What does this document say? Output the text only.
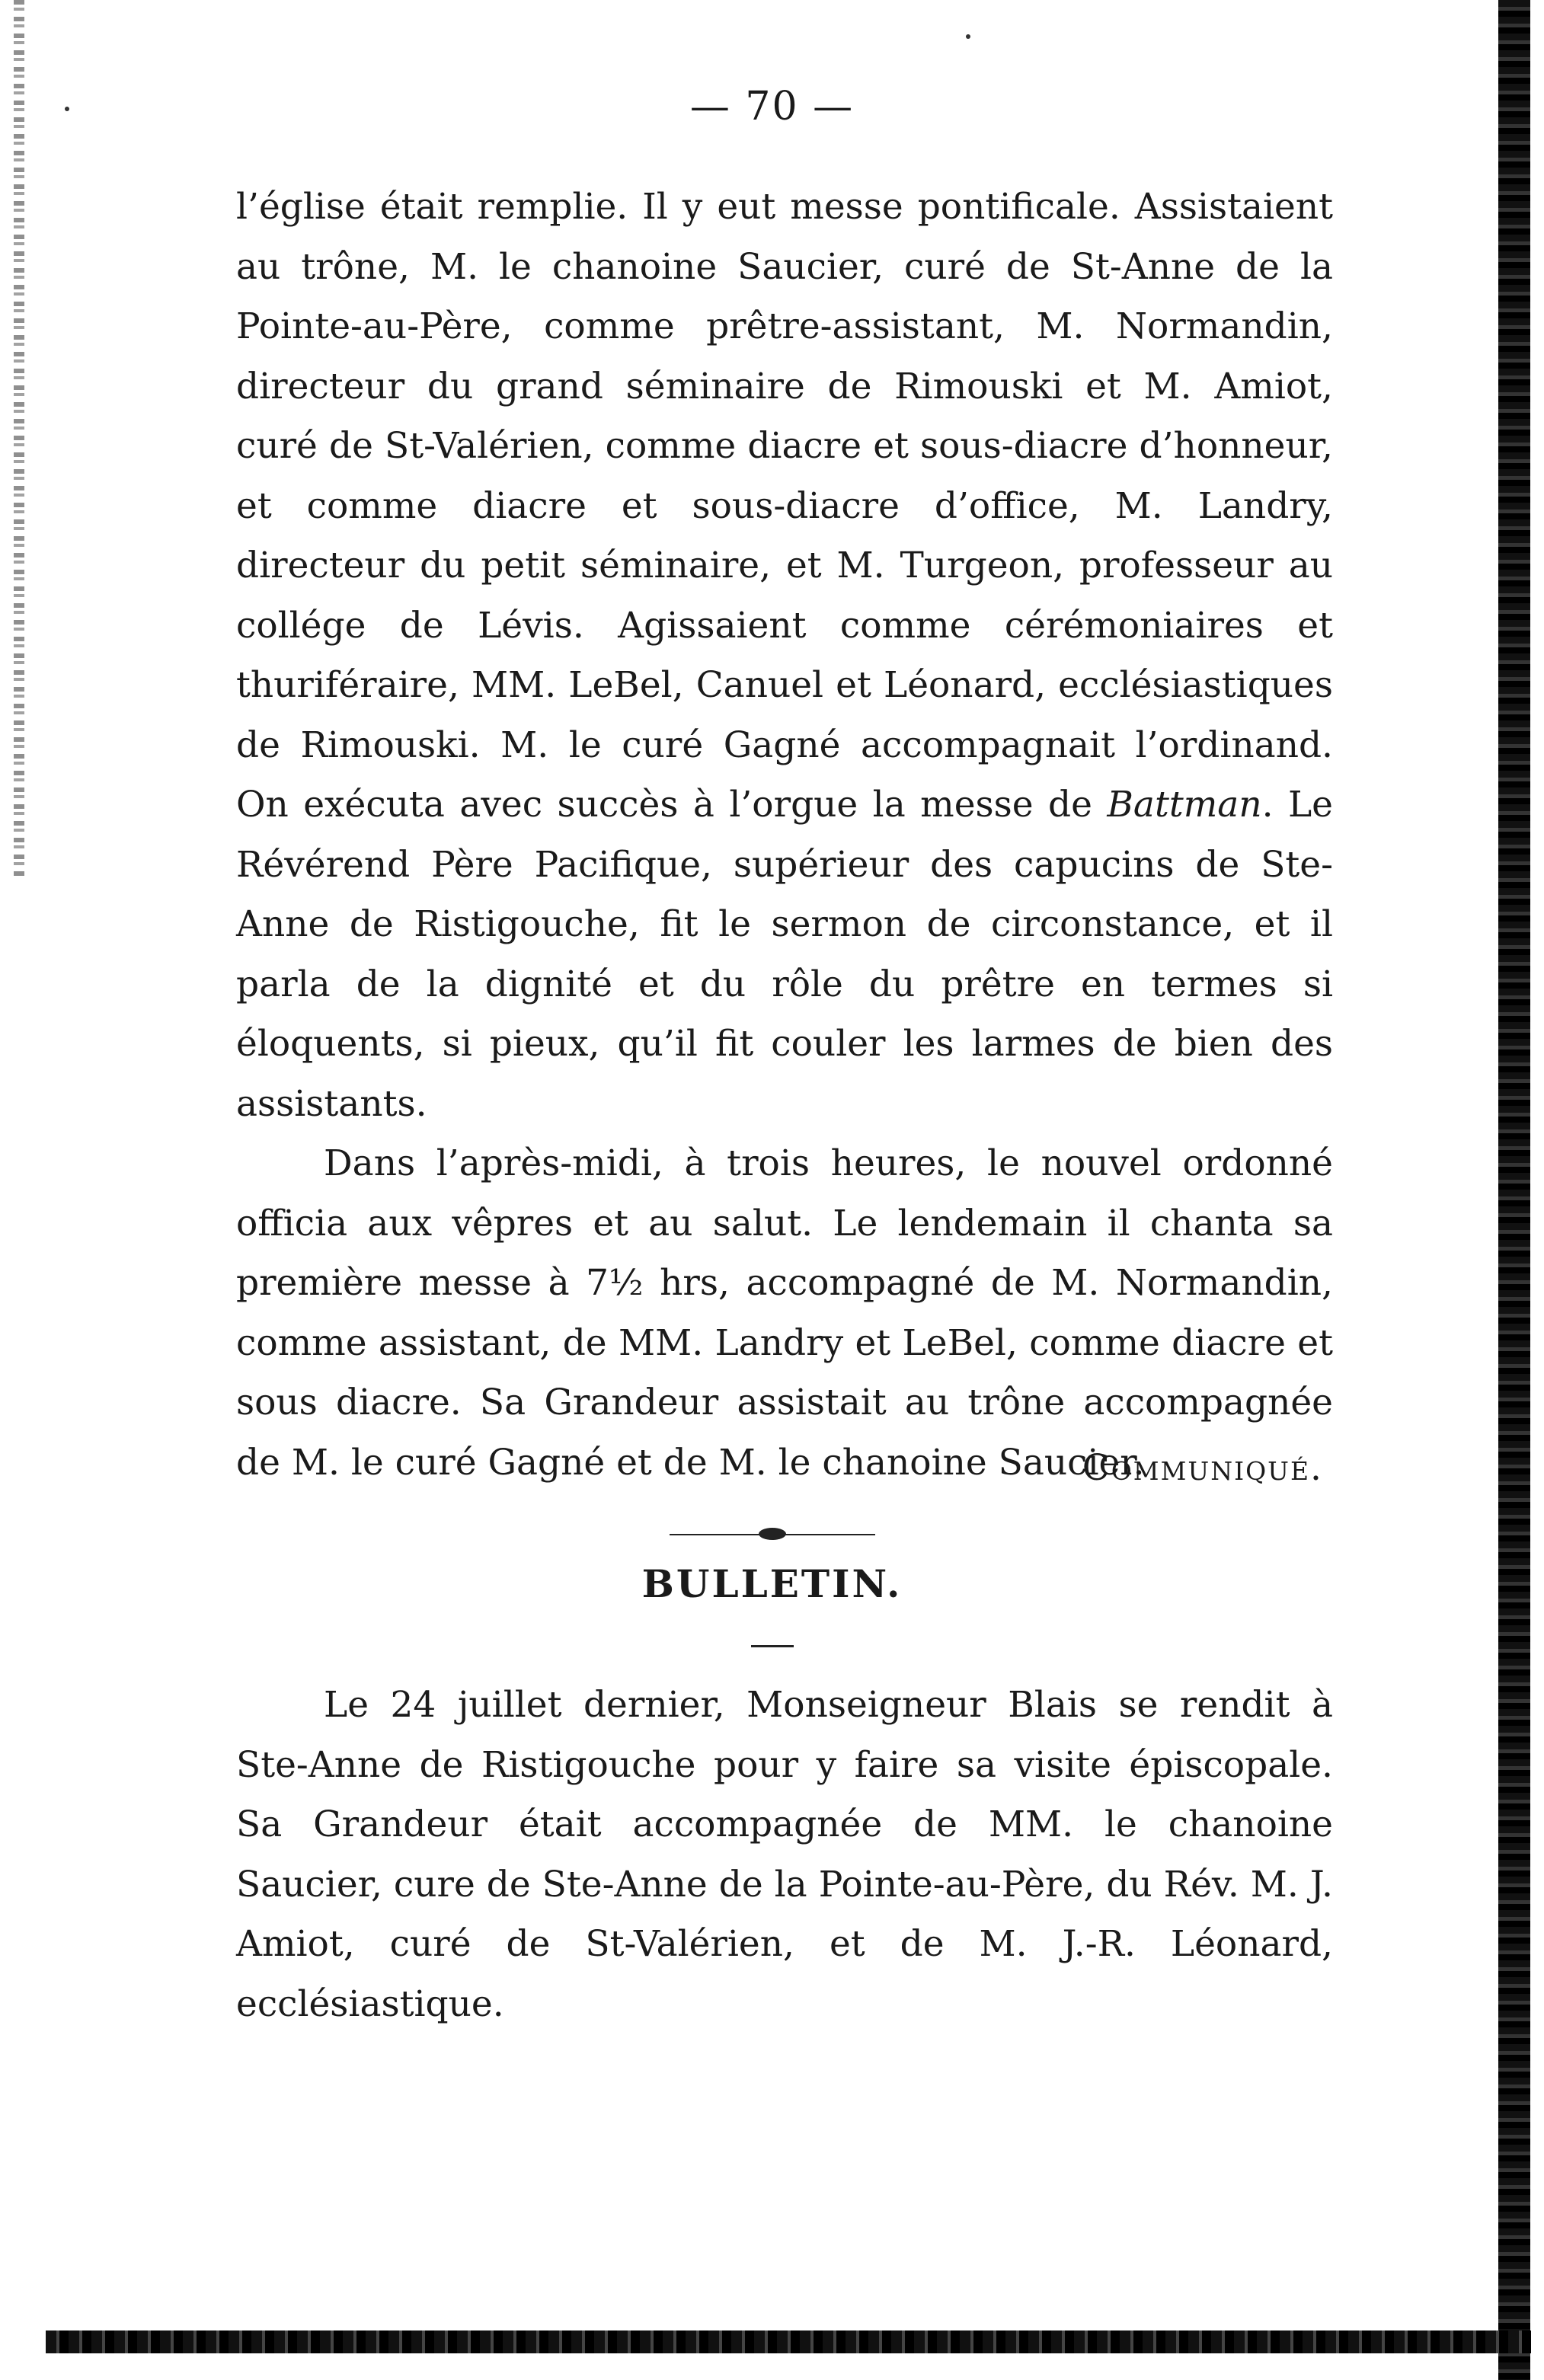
— 70 —

l’église était remplie. Il y eut messe pontificale. Assistaient au trône, M. le chanoine Saucier, curé de St-Anne de la Pointe-au-Père, comme prêtre-assistant, M. Normandin, directeur du grand séminaire de Rimouski et M. Amiot, curé de St-Valérien, comme diacre et sous-diacre d’honneur, et comme diacre et sous-diacre d’office, M. Landry, directeur du petit séminaire, et M. Turgeon, professeur au collége de Lévis. Agissaient comme cérémoniaires et thuriféraire, MM. LeBel, Canuel et Léonard, ecclésiastiques de Rimouski. M. le curé Gagné accompagnait l’ordinand. On exécuta avec succès à l’orgue la messe de Battman. Le Révérend Père Pacifique, supérieur des capucins de Ste-Anne de Ristigouche, fit le sermon de circonstance, et il parla de la dignité et du rôle du prêtre en termes si éloquents, si pieux, qu’il fit couler les larmes de bien des assistants.

Dans l’après-midi, à trois heures, le nouvel ordonné officia aux vêpres et au salut. Le lendemain il chanta sa première messe à 7½ hrs, accompagné de M. Normandin, comme assistant, de MM. Landry et LeBel, comme diacre et sous diacre. Sa Grandeur assistait au trône accompagnée de M. le curé Gagné et de M. le chanoine Saucier.

Communiqué.
BULLETIN.

Le 24 juillet dernier, Monseigneur Blais se rendit à Ste-Anne de Ristigouche pour y faire sa visite épiscopale. Sa Grandeur était accompagnée de MM. le chanoine Saucier, cure de Ste-Anne de la Pointe-au-Père, du Rév. M. J. Amiot, curé de St-Valérien, et de M. J.-R. Léonard, ecclésiastique.
